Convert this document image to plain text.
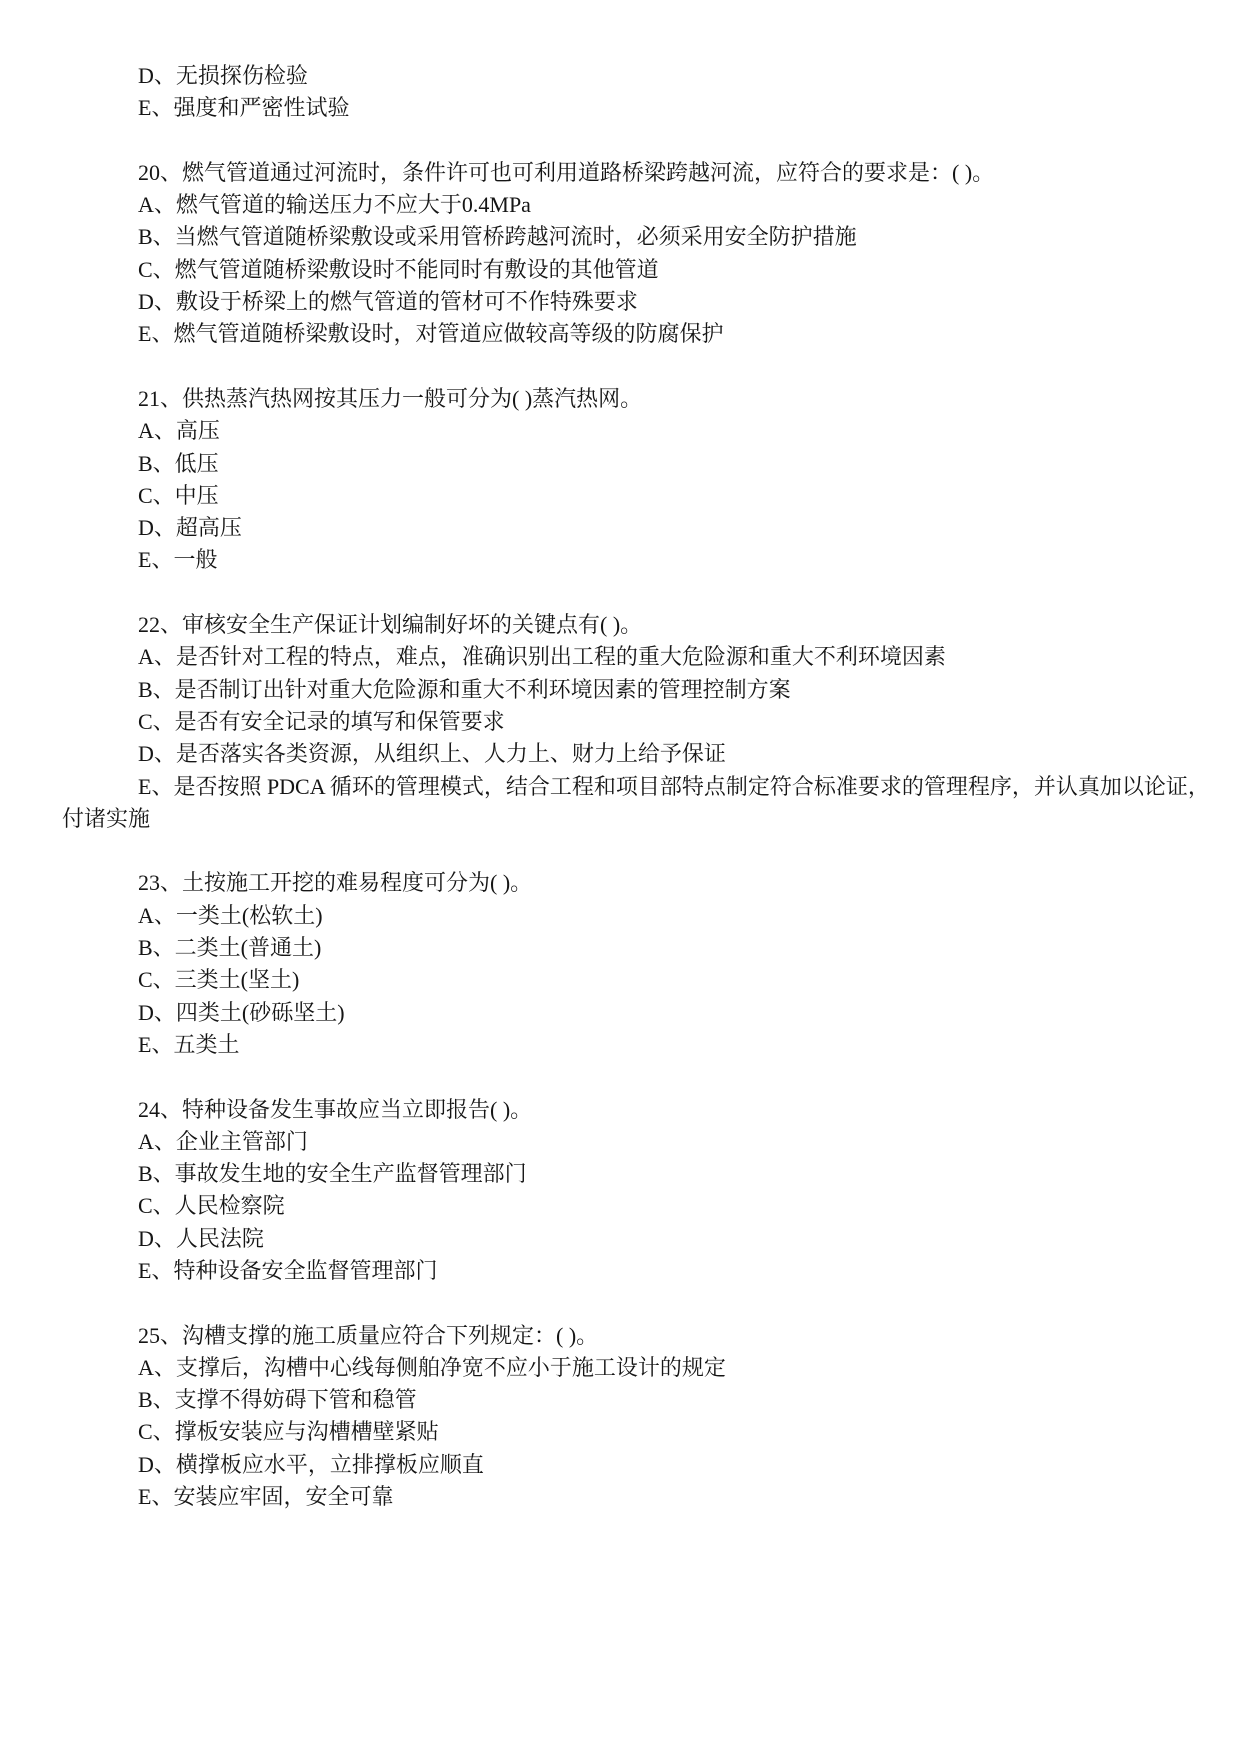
D、无损探伤检验
E、强度和严密性试验
20、燃气管道通过河流时，条件许可也可利用道路桥梁跨越河流，应符合的要求是：( )。
A、燃气管道的输送压力不应大于0.4MPa
B、当燃气管道随桥梁敷设或采用管桥跨越河流时，必须采用安全防护措施
C、燃气管道随桥梁敷设时不能同时有敷设的其他管道
D、敷设于桥梁上的燃气管道的管材可不作特殊要求
E、燃气管道随桥梁敷设时，对管道应做较高等级的防腐保护
21、供热蒸汽热网按其压力一般可分为( )蒸汽热网。
A、高压
B、低压
C、中压
D、超高压
E、一般
22、审核安全生产保证计划编制好坏的关键点有( )。
A、是否针对工程的特点，难点，准确识别出工程的重大危险源和重大不利环境因素
B、是否制订出针对重大危险源和重大不利环境因素的管理控制方案
C、是否有安全记录的填写和保管要求
D、是否落实各类资源，从组织上、人力上、财力上给予保证
E、是否按照 PDCA 循环的管理模式，结合工程和项目部特点制定符合标准要求的管理程序，并认真加以论证，
付诸实施
23、土按施工开挖的难易程度可分为( )。
A、一类土(松软土)
B、二类土(普通土)
C、三类土(坚土)
D、四类土(砂砾坚土)
E、五类土
24、特种设备发生事故应当立即报告( )。
A、企业主管部门
B、事故发生地的安全生产监督管理部门
C、人民检察院
D、人民法院
E、特种设备安全监督管理部门
25、沟槽支撑的施工质量应符合下列规定：( )。
A、支撑后，沟槽中心线每侧舶净宽不应小于施工设计的规定
B、支撑不得妨碍下管和稳管
C、撑板安装应与沟槽槽壁紧贴
D、横撑板应水平，立排撑板应顺直
E、安装应牢固，安全可靠
